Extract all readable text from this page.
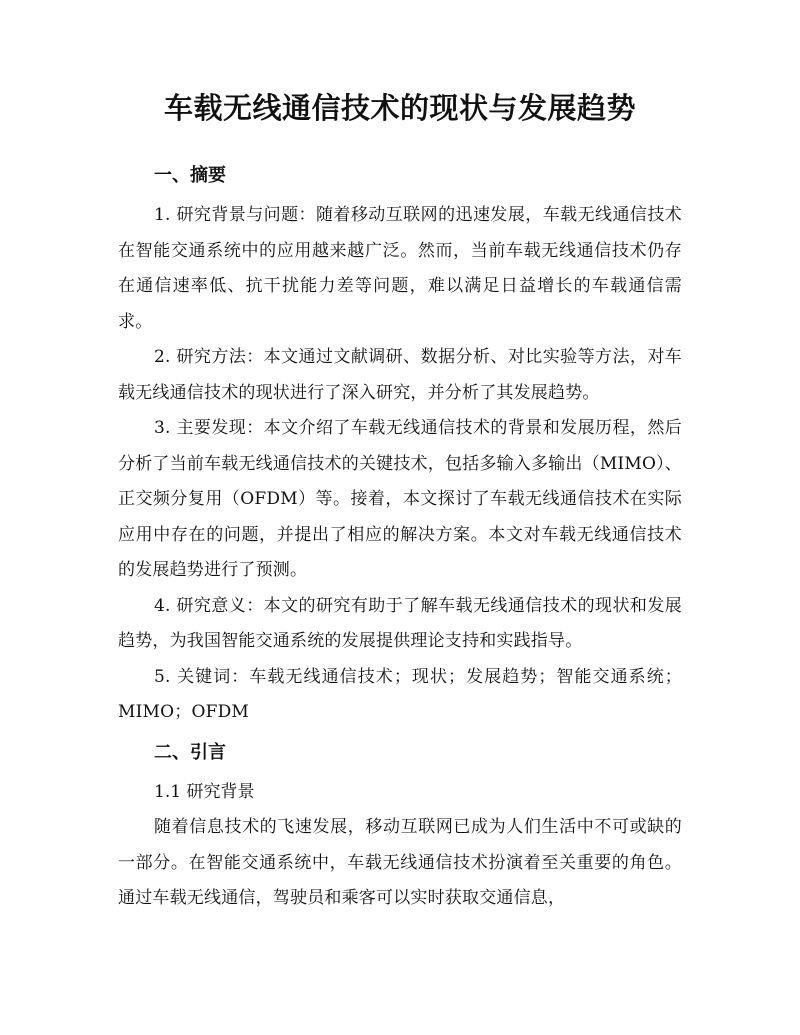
车载无线通信技术的现状与发展趋势
一、摘要

1. 研究背景与问题：随着移动互联网的迅速发展，车载无线通信技术在智能交通系统中的应用越来越广泛。然而，当前车载无线通信技术仍存在通信速率低、抗干扰能力差等问题，难以满足日益增长的车载通信需求。

2. 研究方法：本文通过文献调研、数据分析、对比实验等方法，对车载无线通信技术的现状进行了深入研究，并分析了其发展趋势。

3. 主要发现：本文介绍了车载无线通信技术的背景和发展历程，然后分析了当前车载无线通信技术的关键技术，包括多输入多输出（MIMO）、正交频分复用（OFDM）等。接着，本文探讨了车载无线通信技术在实际应用中存在的问题，并提出了相应的解决方案。本文对车载无线通信技术的发展趋势进行了预测。

4. 研究意义：本文的研究有助于了解车载无线通信技术的现状和发展趋势，为我国智能交通系统的发展提供理论支持和实践指导。

5. 关键词：车载无线通信技术；现状；发展趋势；智能交通系统；MIMO；OFDM

二、引言

1.1 研究背景

随着信息技术的飞速发展，移动互联网已成为人们生活中不可或缺的一部分。在智能交通系统中，车载无线通信技术扮演着至关重要的角色。通过车载无线通信，驾驶员和乘客可以实时获取交通信息，
